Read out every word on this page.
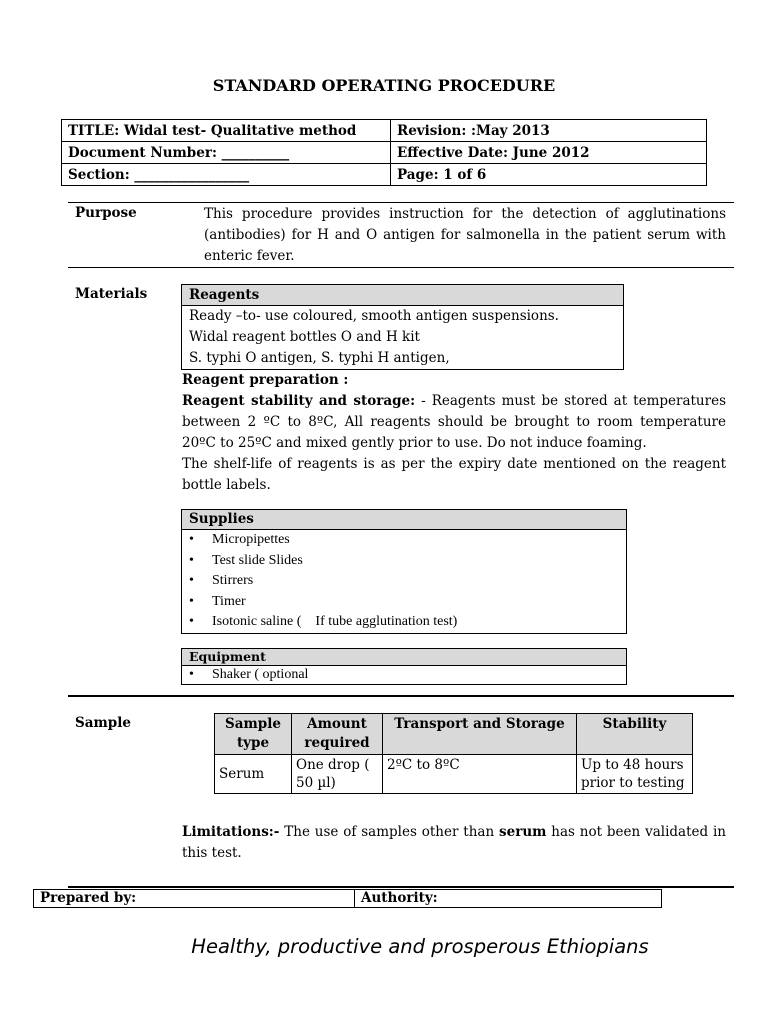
STANDARD OPERATING PROCEDURE
TITLE: Widal test- Qualitative method	Revision: :May 2013
Document Number: __________	Effective Date: June 2012
Section: _________________	Page: 1 of 6
Purpose	This procedure provides instruction for the detection of agglutinations (antibodies) for H and O antigen for salmonella in the patient serum with enteric fever.
Materials	Reagents
Ready –to- use coloured, smooth antigen suspensions.
Widal reagent bottles O and H kit
S. typhi O antigen, S. typhi H antigen,
Reagent preparation :
Reagent stability and storage: - Reagents must be stored at temperatures between 2 ºC to 8ºC, All reagents should be brought to room temperature 20ºC to 25ºC and mixed gently prior to use. Do not induce foaming.
The shelf-life of reagents is as per the expiry date mentioned on the reagent bottle labels.
Supplies
• Micropipettes
• Test slide Slides
• Stirrers
• Timer
• Isotonic saline (    If tube agglutination test)
Equipment
• Shaker ( optional
Sample	Sample type	Amount required	Transport and Storage	Stability
Serum	One drop ( 50 µl)	2ºC to 8ºC	Up to 48 hours prior to testing
Limitations:- The use of samples other than serum has not been validated in this test.
Prepared by:	Authority:
Healthy, productive and prosperous Ethiopians
